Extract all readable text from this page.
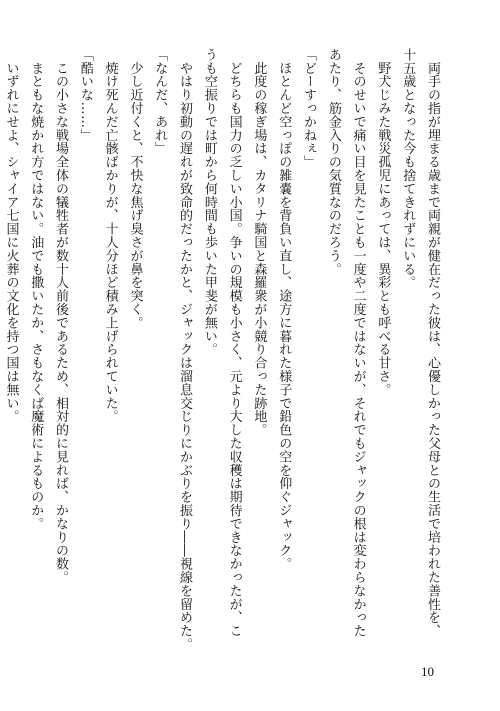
　両手の指が埋まる歳まで両親が健在だった彼は、心優しかった父母との生活で培われた善性を、
十五歳となった今も捨てきれずにいる。
　野犬じみた戦災孤児にあっては、異彩とも呼べる甘さ。
　そのせいで痛い目を見たことも一度や二度ではないが、それでもジャックの根は変わらなかった
あたり、筋金入りの気質なのだろう。
「どーすっかねぇ」
　ほとんど空っぽの雑嚢を背負い直し、途方に暮れた様子で鉛色の空を仰ぐジャック。
　此度の稼ぎ場は、カタリナ騎国と森羅衆が小競り合った跡地。
　どちらも国力の乏しい小国。争いの規模も小さく、元より大した収穫は期待できなかったが、こ
うも空振りでは町から何時間も歩いた甲斐が無い。
　やはり初動の遅れが致命的だったかと、ジャックは溜息交じりにかぶりを振り――視線を留めた。
「なんだ、あれ」
　少し近付くと、不快な焦げ臭さが鼻を突く。
　焼け死んだ亡骸ばかりが、十人分ほど積み上げられていた。
「酷いな……」
　この小さな戦場全体の犠牲者が数十人前後であるため、相対的に見れば、かなりの数。
　まともな焼かれ方ではない。油でも撒いたか、さもなくば魔術によるものか。
　いずれにせよ、シャイア七国に火葬の文化を持つ国は無い。
10
